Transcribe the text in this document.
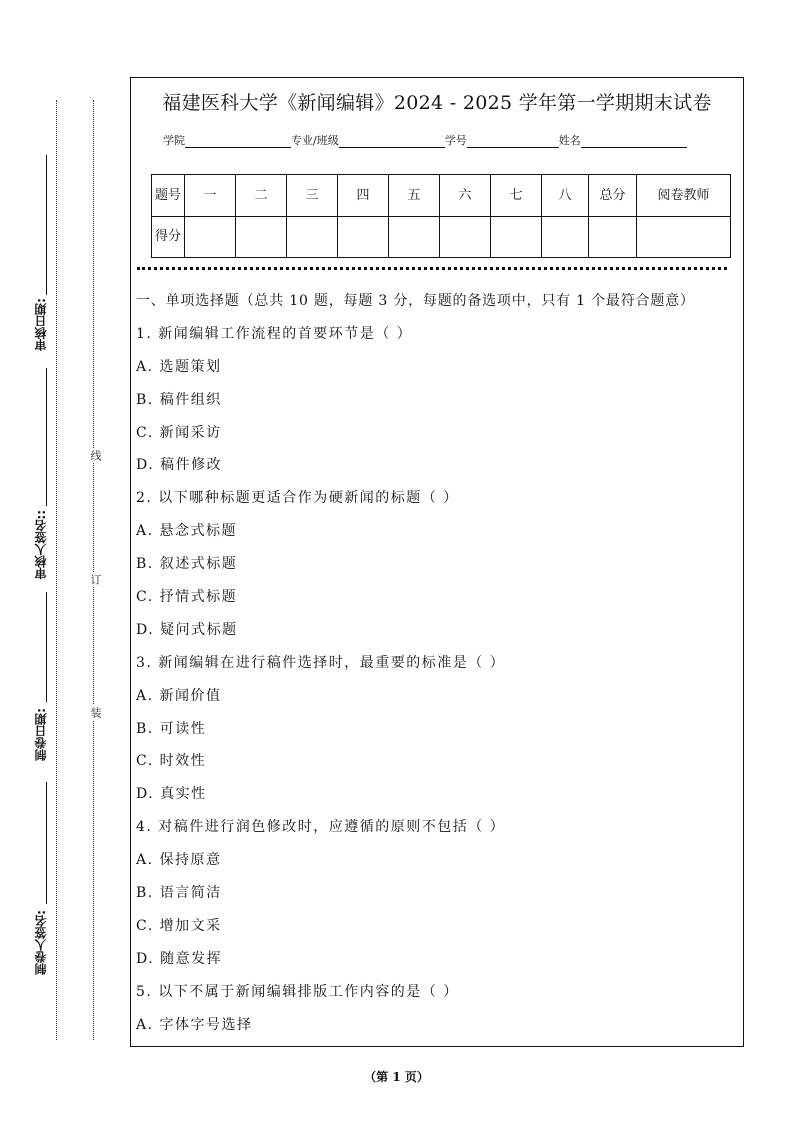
审核日期:
审核人签名::
制卷日期:
制卷人签名:
线
订
装
福建医科大学《新闻编辑》2024 - 2025 学年第一学期期末试卷
学院	专业/班级	学号	姓名
题号	一	二	三	四	五	六	七	八	总分	阅卷教师
得分										
一、单项选择题（总共 10 题，每题 3 分，每题的备选项中，只有 1 个最符合题意）
1. 新闻编辑工作流程的首要环节是（ ）
A. 选题策划
B. 稿件组织
C. 新闻采访
D. 稿件修改
2. 以下哪种标题更适合作为硬新闻的标题（ ）
A. 悬念式标题
B. 叙述式标题
C. 抒情式标题
D. 疑问式标题
3. 新闻编辑在进行稿件选择时，最重要的标准是（ ）
A. 新闻价值
B. 可读性
C. 时效性
D. 真实性
4. 对稿件进行润色修改时，应遵循的原则不包括（ ）
A. 保持原意
B. 语言简洁
C. 增加文采
D. 随意发挥
5. 以下不属于新闻编辑排版工作内容的是（ ）
A. 字体字号选择
（第 1 页）
